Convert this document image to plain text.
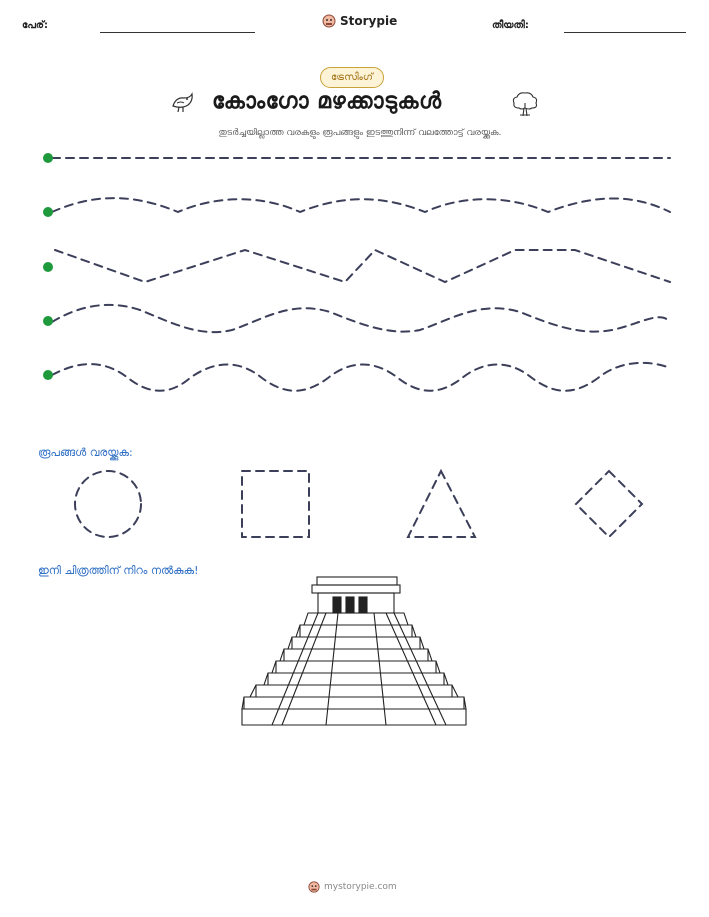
പേര്:	Storypie	തീയതി:
ട്രേസിംഗ്
കോംഗോ മഴക്കാടുകൾ
തുടർച്ചയില്ലാത്ത വരകളും രൂപങ്ങളും ഇടത്തുനിന്ന് വലത്തോട്ട് വരയ്ക്കുക.
രൂപങ്ങൾ വരയ്ക്കുക:
ഇനി ചിത്രത്തിന് നിറം നൽകുക!
mystorypie.com
